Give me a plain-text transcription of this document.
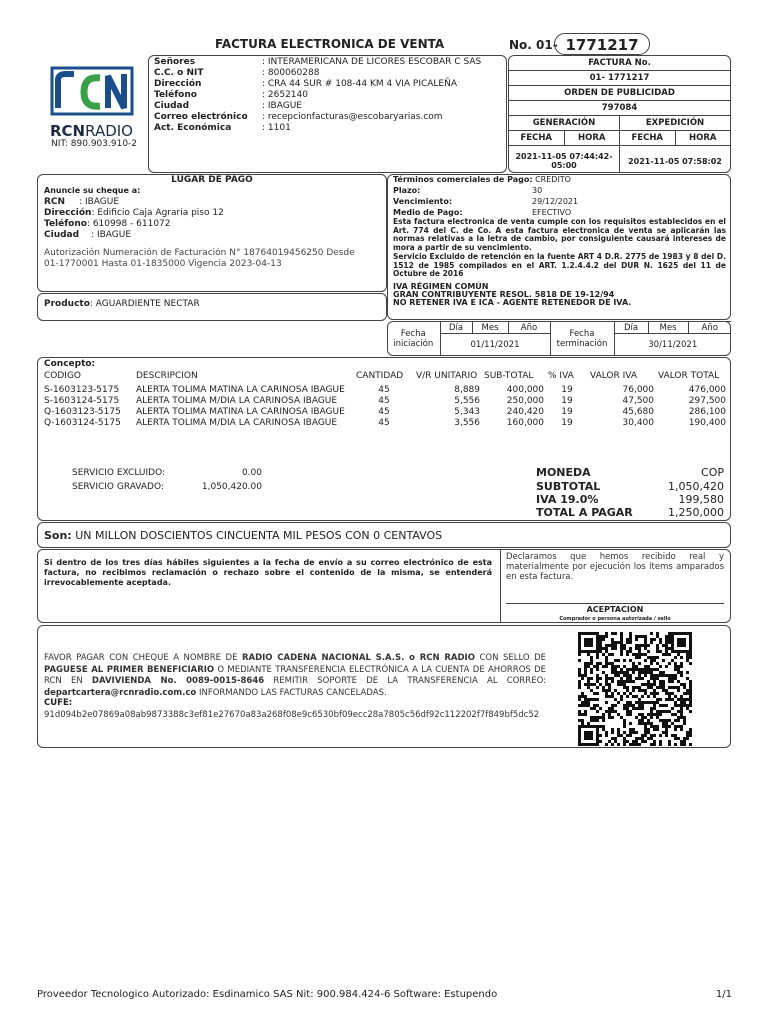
FACTURA ELECTRONICA DE VENTA	No. 01- 1771217
RCNRADIO
NIT: 890.903.910-2
Señores	: INTERAMERICANA DE LICORES ESCOBAR C SAS
C.C. o NIT	: 800060288
Dirección	: CRA 44 SUR # 108-44 KM 4 VIA PICALEÑA
Teléfono	: 2652140
Ciudad	: IBAGUE
Correo electrónico : recepcionfacturas@escobaryarias.com
Act. Económica	: 1101
FACTURA No.			
01- 1771217			
ORDEN DE PUBLICIDAD			
797084			
GENERACIÓN		EXPEDICIÓN	
FECHA	HORA	FECHA	HORA
2021-11-05 07:44:42-05:00		2021-11-05 07:58:02	
LUGAR DE PAGO
Anuncie su cheque a:
RCN : IBAGUE
Dirección: Edificio Caja Agraria piso 12
Teléfono: 610998 - 611072
Ciudad : IBAGUE
Autorización Numeración de Facturación N° 18764019456250 Desde 01-1770001 Hasta 01-1835000 Vigencia 2023-04-13
Términos comerciales de Pago: CREDITO
Plazo:	30
Vencimiento:	29/12/2021
Medio de Pago:	EFECTIVO
Esta factura electronica de venta cumple con los requisitos establecidos en el Art. 774 del C. de Co. A esta factura electronica de venta se aplicarán las normas relativas a la letra de cambio, por consiguiente causará intereses de mora a partir de su vencimiento.
Servicio Excluido de retención en la fuente ART 4 D.R. 2775 de 1983 y 8 del D. 1512 de 1985 compilados en el ART. 1.2.4.4.2 del DUR N. 1625 del 11 de Octubre de 2016
IVA RÉGIMEN COMÚN
GRAN CONTRIBUYENTE RESOL. 5818 DE 19-12/94
NO RETENER IVA E ICA - AGENTE RETENEDOR DE IVA.
Producto: AGUARDIENTE NECTAR
Fecha iniciación	Día	Mes	Año	Fecha terminación	Día	Mes	Año
	01/11/2021				30/11/2021		
Concepto:
CODIGO	DESCRIPCION	CANTIDAD	V/R UNITARIO	SUB-TOTAL	% IVA	VALOR IVA	VALOR TOTAL

S-1603123-5175	ALERTA TOLIMA MATINA LA CARINOSA IBAGUE	45	8,889	400,000	19	76,000	476,000
S-1603124-5175	ALERTA TOLIMA M/DIA LA CARINOSA IBAGUE	45	5,556	250,000	19	47,500	297,500
Q-1603123-5175	ALERTA TOLIMA MATINA LA CARINOSA IBAGUE	45	5,343	240,420	19	45,680	286,100
Q-1603124-5175	ALERTA TOLIMA M/DIA LA CARINOSA IBAGUE	45	3,556	160,000	19	30,400	190,400
SERVICIO EXCLUIDO:	0.00
SERVICIO GRAVADO:	1,050,420.00
MONEDA	COP
SUBTOTAL	1,050,420
IVA 19.0%	199,580
TOTAL A PAGAR	1,250,000
Son: UN MILLON DOSCIENTOS CINCUENTA MIL PESOS CON 0 CENTAVOS
Si dentro de los tres días hábiles siguientes a la fecha de envío a su correo electrónico de esta factura, no recibimos reclamación o rechazo sobre el contenido de la misma, se entenderá irrevocablemente aceptada.
Declaramos que hemos recibido real y materialmente por ejecución los ítems amparados en esta factura.
ACEPTACION
Comprador o persona autorizada / sello
FAVOR PAGAR CON CHEQUE A NOMBRE DE RADIO CADENA NACIONAL S.A.S. o RCN RADIO CON SELLO DE PAGUESE AL PRIMER BENEFICIARIO O MEDIANTE TRANSFERENCIA ELECTRÓNICA A LA CUENTA DE AHORROS DE RCN EN DAVIVIENDA No. 0089-0015-8646 REMITIR SOPORTE DE LA TRANSFERENCIA AL CORREO: departcartera@rcnradio.com.co INFORMANDO LAS FACTURAS CANCELADAS.
CUFE:
91d094b2e07869a08ab9873388c3ef81e27670a83a268f08e9c6530bf09ecc28a7805c56df92c112202f7f849bf5dc52
Proveedor Tecnologico Autorizado: Esdinamico SAS Nit: 900.984.424-6 Software: Estupendo	1/1
